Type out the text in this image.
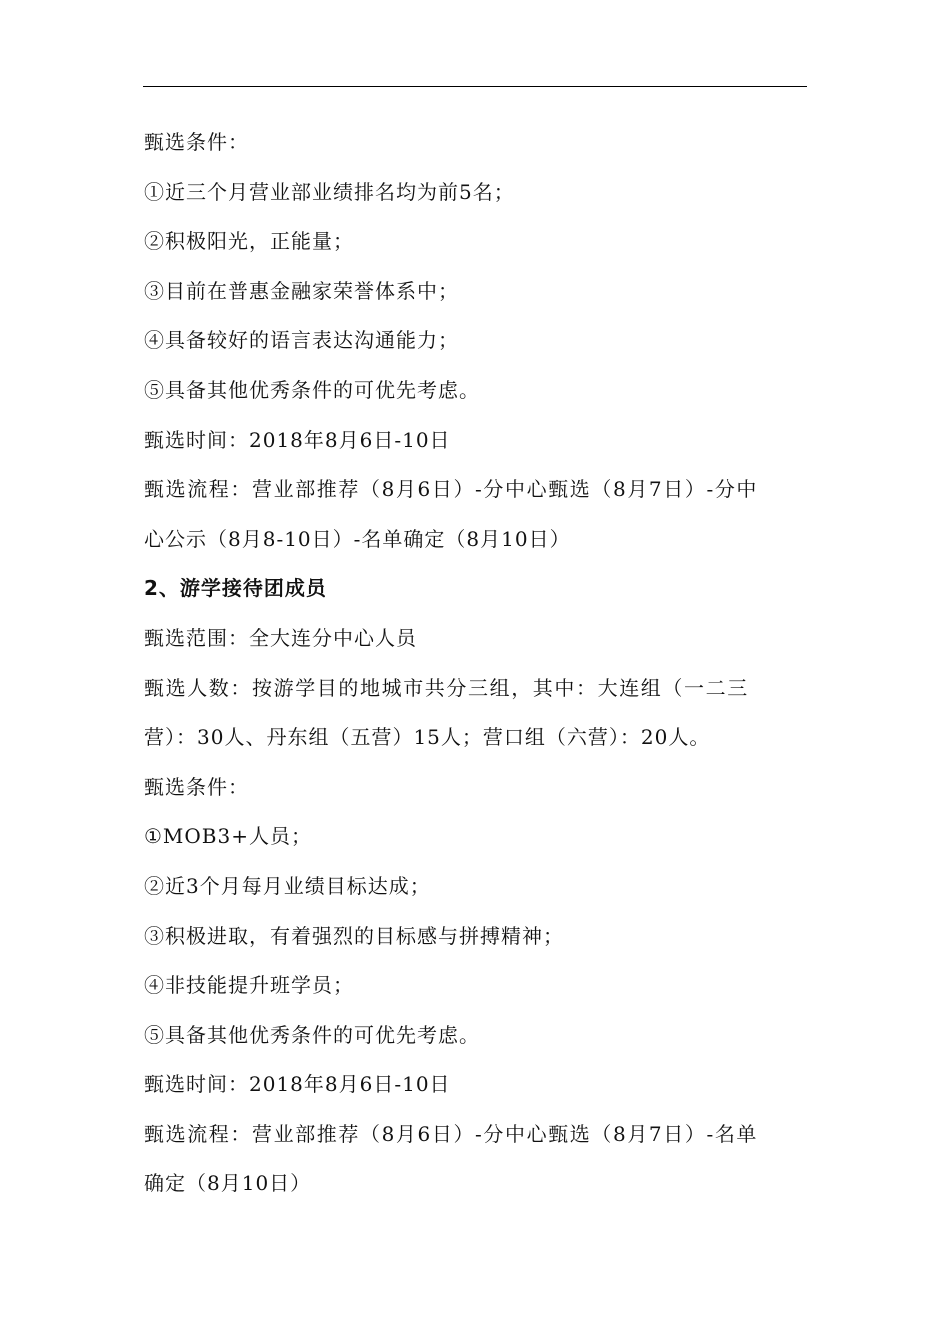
甄选条件：
①近三个月营业部业绩排名均为前5名；
②积极阳光，正能量；
③目前在普惠金融家荣誉体系中；
④具备较好的语言表达沟通能力；
⑤具备其他优秀条件的可优先考虑。
甄选时间：2018年8月6日-10日
甄选流程：营业部推荐（8月6日）-分中心甄选（8月7日）-分中
心公示（8月8-10日）-名单确定（8月10日）
2、游学接待团成员
甄选范围：全大连分中心人员
甄选人数：按游学目的地城市共分三组，其中：大连组（一二三
营）：30人、丹东组（五营）15人；营口组（六营）：20人。
甄选条件：
①MOB3+人员；
②近3个月每月业绩目标达成；
③积极进取，有着强烈的目标感与拼搏精神；
④非技能提升班学员；
⑤具备其他优秀条件的可优先考虑。
甄选时间：2018年8月6日-10日
甄选流程：营业部推荐（8月6日）-分中心甄选（8月7日）-名单
确定（8月10日）
